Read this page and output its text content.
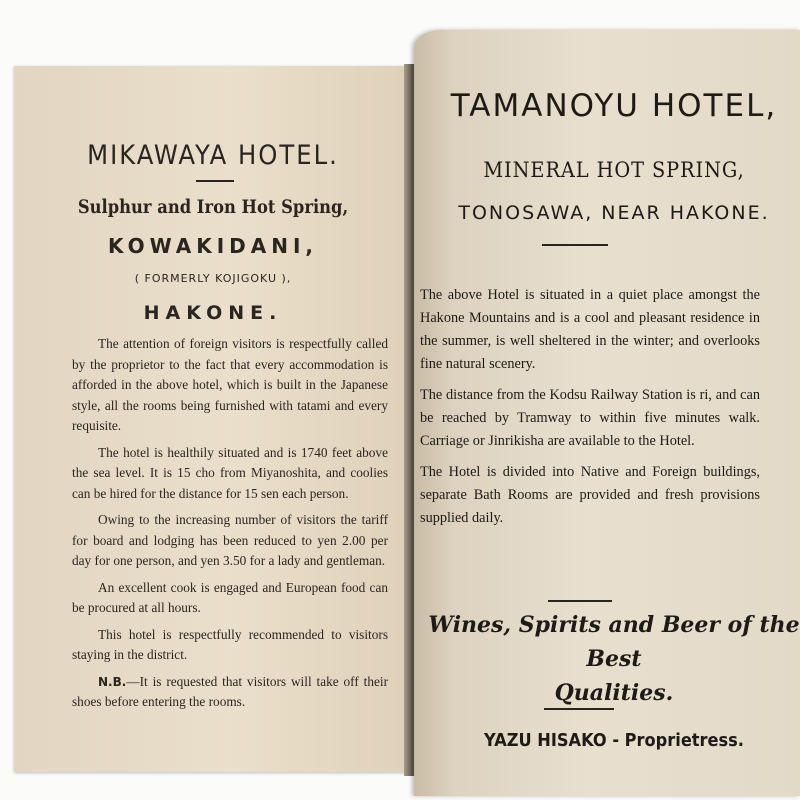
MIKAWAYA HOTEL.
Sulphur and Iron Hot Spring,
KOWAKIDANI,
( FORMERLY KOJIGOKU ),
HAKONE.

The attention of foreign visitors is respectfully called by the proprietor to the fact that every accommodation is afforded in the above hotel, which is built in the Japanese style, all the rooms being furnished with tatami and every requisite.

The hotel is healthily situated and is 1740 feet above the sea level. It is 15 cho from Miyanoshita, and coolies can be hired for the distance for 15 sen each person.

Owing to the increasing number of visitors the tariff for board and lodging has been reduced to yen 2.00 per day for one person, and yen 3.50 for a lady and gentleman.

An excellent cook is engaged and European food can be procured at all hours.

This hotel is respectfully recommended to visitors staying in the district.

N.B.—It is requested that visitors will take off their shoes before entering the rooms.

TAMANOYU HOTEL,
MINERAL HOT SPRING,
TONOSAWA, NEAR HAKONE.

The above Hotel is situated in a quiet place amongst the Hakone Mountains and is a cool and pleasant residence in the summer, is well sheltered in the winter; and overlooks fine natural scenery.

The distance from the Kodsu Railway Station is ri, and can be reached by Tramway to within five minutes walk. Carriage or Jinrikisha are available to the Hotel.

The Hotel is divided into Native and Foreign buildings, separate Bath Rooms are provided and fresh provisions supplied daily.

Wines, Spirits and Beer of the Best
Qualities.
YAZU HISAKO - Proprietress.
